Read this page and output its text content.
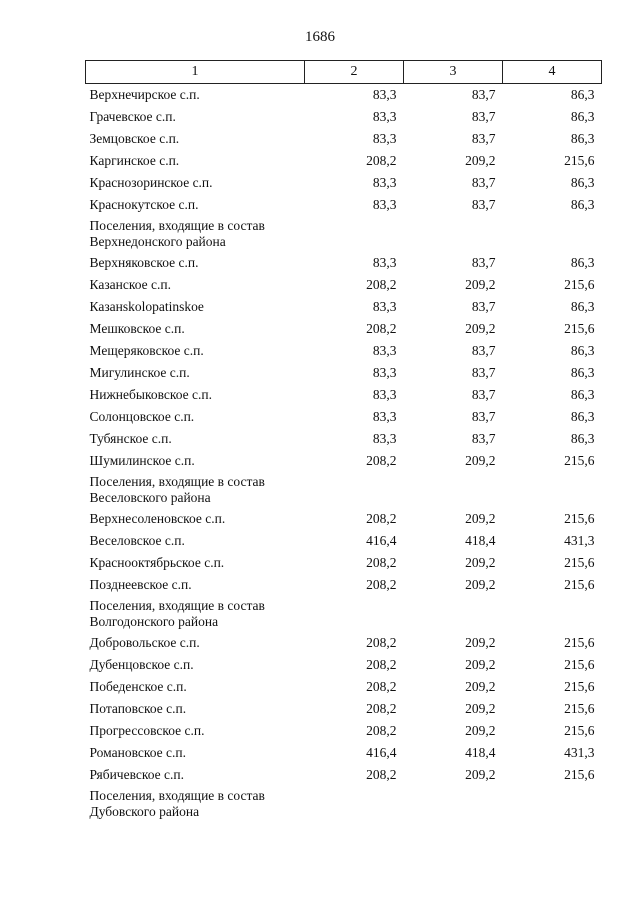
1686
1	2	3	4
Верхнечирское с.п.	83,3	83,7	86,3
Грачевское с.п.	83,3	83,7	86,3
Земцовское с.п.	83,3	83,7	86,3
Каргинское с.п.	208,2	209,2	215,6
Краснозоринское с.п.	83,3	83,7	86,3
Краснокутское с.п.	83,3	83,7	86,3
Поселения, входящие в состав Верхнедонского района			
Верхняковское с.п.	83,3	83,7	86,3
Казанское с.п.	208,2	209,2	215,6
Казанskolopatinskoe	83,3	83,7	86,3
Мешковское с.п.	208,2	209,2	215,6
Мещеряковское с.п.	83,3	83,7	86,3
Мигулинское с.п.	83,3	83,7	86,3
Нижнебыковское с.п.	83,3	83,7	86,3
Солонцовское с.п.	83,3	83,7	86,3
Тубянское с.п.	83,3	83,7	86,3
Шумилинское с.п.	208,2	209,2	215,6
Поселения, входящие в состав Веселовского района			
Верхнесоленовское с.п.	208,2	209,2	215,6
Веселовское с.п.	416,4	418,4	431,3
Краснооктябрьское с.п.	208,2	209,2	215,6
Позднеевское с.п.	208,2	209,2	215,6
Поселения, входящие в состав Волгодонского района			
Добровольское с.п.	208,2	209,2	215,6
Дубенцовское с.п.	208,2	209,2	215,6
Победенское с.п.	208,2	209,2	215,6
Потаповское с.п.	208,2	209,2	215,6
Прогрессовское с.п.	208,2	209,2	215,6
Романовское с.п.	416,4	418,4	431,3
Рябичевское с.п.	208,2	209,2	215,6
Поселения, входящие в состав Дубовского района			
